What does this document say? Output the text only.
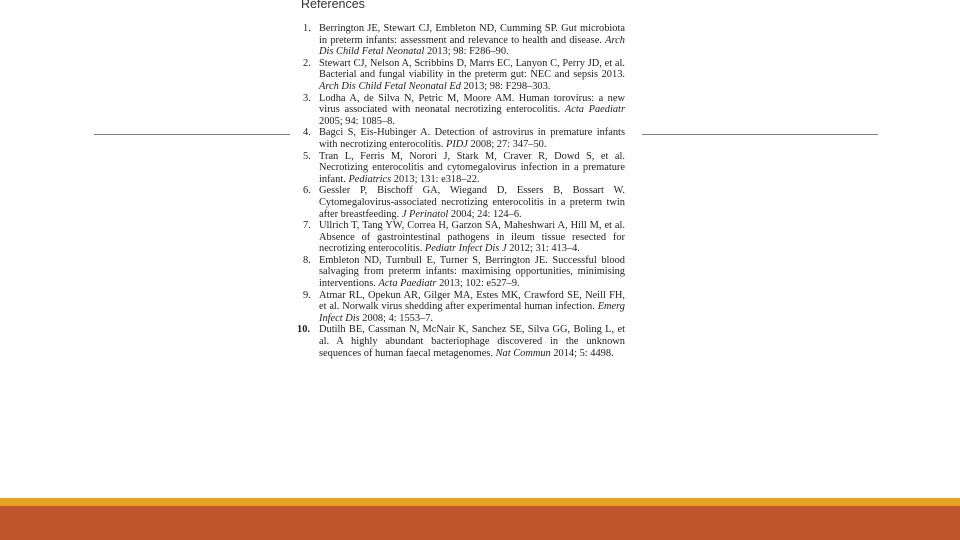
References
1. Berrington JE, Stewart CJ, Embleton ND, Cumming SP. Gut microbiota in preterm infants: assessment and relevance to health and disease. Arch Dis Child Fetal Neonatal 2013; 98: F286–90.
2. Stewart CJ, Nelson A, Scribbins D, Marrs EC, Lanyon C, Perry JD, et al. Bacterial and fungal viability in the preterm gut: NEC and sepsis 2013. Arch Dis Child Fetal Neonatal Ed 2013; 98: F298–303.
3. Lodha A, de Silva N, Petric M, Moore AM. Human torovirus: a new virus associated with neonatal necrotizing enterocolitis. Acta Paediatr 2005; 94: 1085–8.
4. Bagci S, Eis-Hubinger A. Detection of astrovirus in premature infants with necrotizing enterocolitis. PIDJ 2008; 27: 347–50.
5. Tran L, Ferris M, Norori J, Stark M, Craver R, Dowd S, et al. Necrotizing enterocolitis and cytomegalovirus infection in a premature infant. Pediatrics 2013; 131: e318–22.
6. Gessler P, Bischoff GA, Wiegand D, Essers B, Bossart W. Cytomegalovirus-associated necrotizing enterocolitis in a preterm twin after breastfeeding. J Perinatol 2004; 24: 124–6.
7. Ullrich T, Tang YW, Correa H, Garzon SA, Maheshwari A, Hill M, et al. Absence of gastrointestinal pathogens in ileum tissue resected for necrotizing enterocolitis. Pediatr Infect Dis J 2012; 31: 413–4.
8. Embleton ND, Turnbull E, Turner S, Berrington JE. Successful blood salvaging from preterm infants: maximising opportunities, minimising interventions. Acta Paediatr 2013; 102: e527–9.
9. Atmar RL, Opekun AR, Gilger MA, Estes MK, Crawford SE, Neill FH, et al. Norwalk virus shedding after experimental human infection. Emerg Infect Dis 2008; 4: 1553–7.
10. Dutilh BE, Cassman N, McNair K, Sanchez SE, Silva GG, Boling L, et al. A highly abundant bacteriophage discovered in the unknown sequences of human faecal metagenomes. Nat Commun 2014; 5: 4498.
